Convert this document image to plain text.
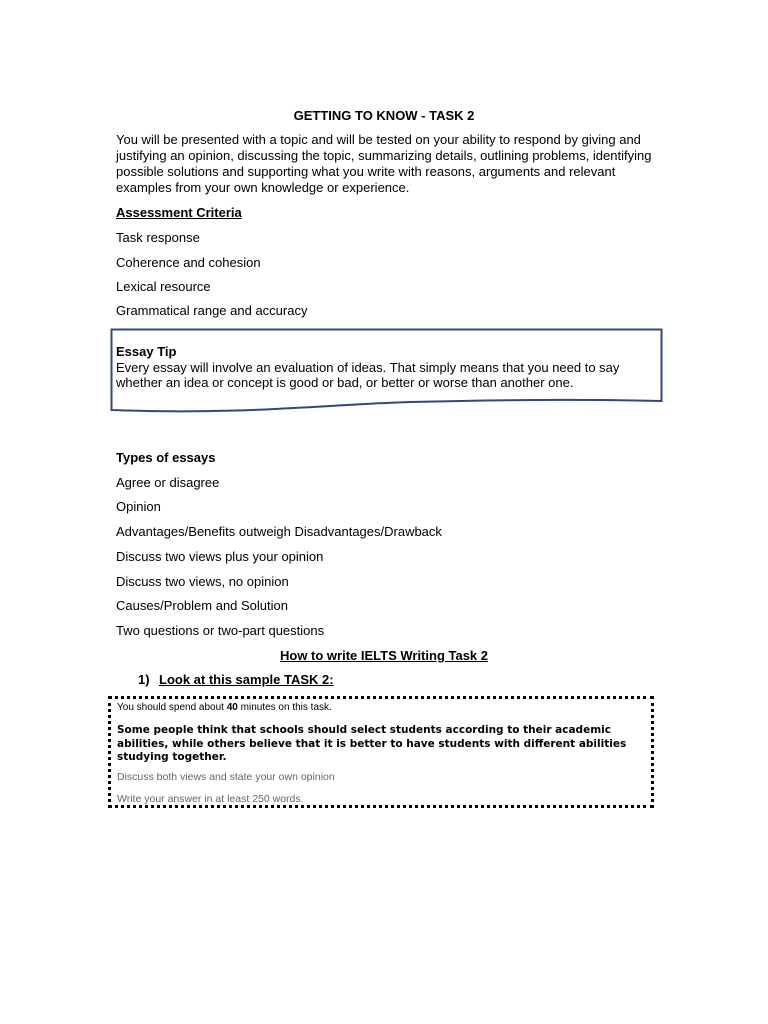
GETTING TO KNOW - TASK 2
You will be presented with a topic and will be tested on your ability to respond by giving and justifying an opinion, discussing the topic, summarizing details, outlining problems, identifying possible solutions and supporting what you write with reasons, arguments and relevant examples from your own knowledge or experience.
Assessment Criteria
Task response
Coherence and cohesion
Lexical resource
Grammatical range and accuracy
Essay Tip
Every essay will involve an evaluation of ideas. That simply means that you need to say whether an idea or concept is good or bad, or better or worse than another one.
Types of essays
Agree or disagree
Opinion
Advantages/Benefits outweigh Disadvantages/Drawback
Discuss two views plus your opinion
Discuss two views, no opinion
Causes/Problem and Solution
Two questions or two-part questions
How to write IELTS Writing Task 2
1) Look at this sample TASK 2:
You should spend about 40 minutes on this task.
Some people think that schools should select students according to their academic abilities, while others believe that it is better to have students with different abilities studying together.
Discuss both views and state your own opinion
Write your answer in at least 250 words.
